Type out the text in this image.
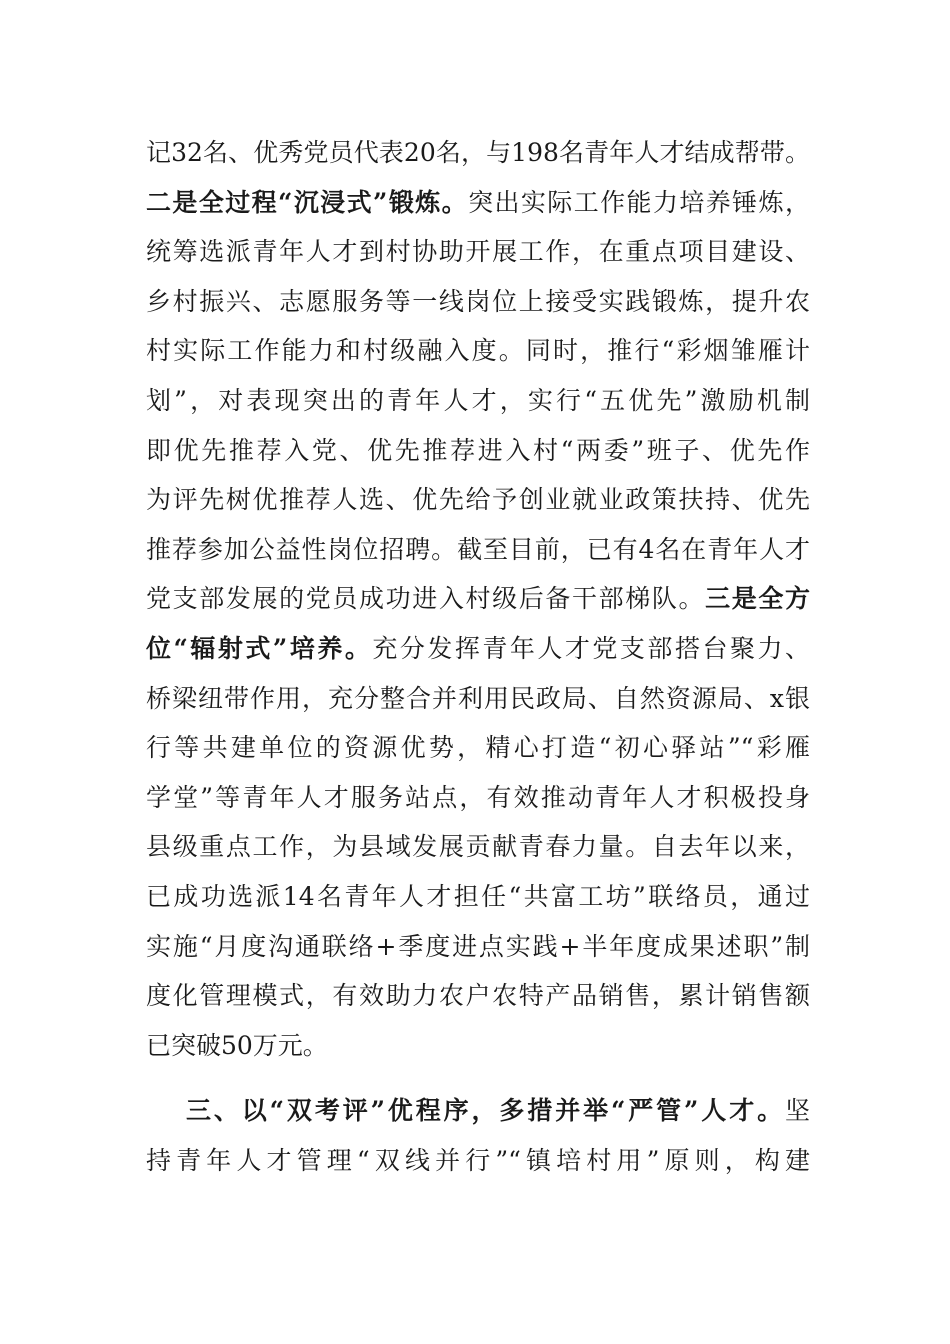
记32名、优秀党员代表20名，与198名青年人才结成帮带。
二是全过程“沉浸式”锻炼。突出实际工作能力培养锤炼，
统筹选派青年人才到村协助开展工作，在重点项目建设、
乡村振兴、志愿服务等一线岗位上接受实践锻炼，提升农
村实际工作能力和村级融入度。同时，推行“彩烟雏雁计
划”，对表现突出的青年人才，实行“五优先”激励机制
即优先推荐入党、优先推荐进入村“两委”班子、优先作
为评先树优推荐人选、优先给予创业就业政策扶持、优先
推荐参加公益性岗位招聘。截至目前，已有4名在青年人才
党支部发展的党员成功进入村级后备干部梯队。三是全方
位“辐射式”培养。充分发挥青年人才党支部搭台聚力、
桥梁纽带作用，充分整合并利用民政局、自然资源局、x银
行等共建单位的资源优势，精心打造“初心驿站”“彩雁
学堂”等青年人才服务站点，有效推动青年人才积极投身
县级重点工作，为县域发展贡献青春力量。自去年以来，
已成功选派14名青年人才担任“共富工坊”联络员，通过
实施“月度沟通联络+季度进点实践+半年度成果述职”制
度化管理模式，有效助力农户农特产品销售，累计销售额
已突破50万元。
三、以“双考评”优程序，多措并举“严管”人才。坚
持青年人才管理“双线并行”“镇培村用”原则，构建
